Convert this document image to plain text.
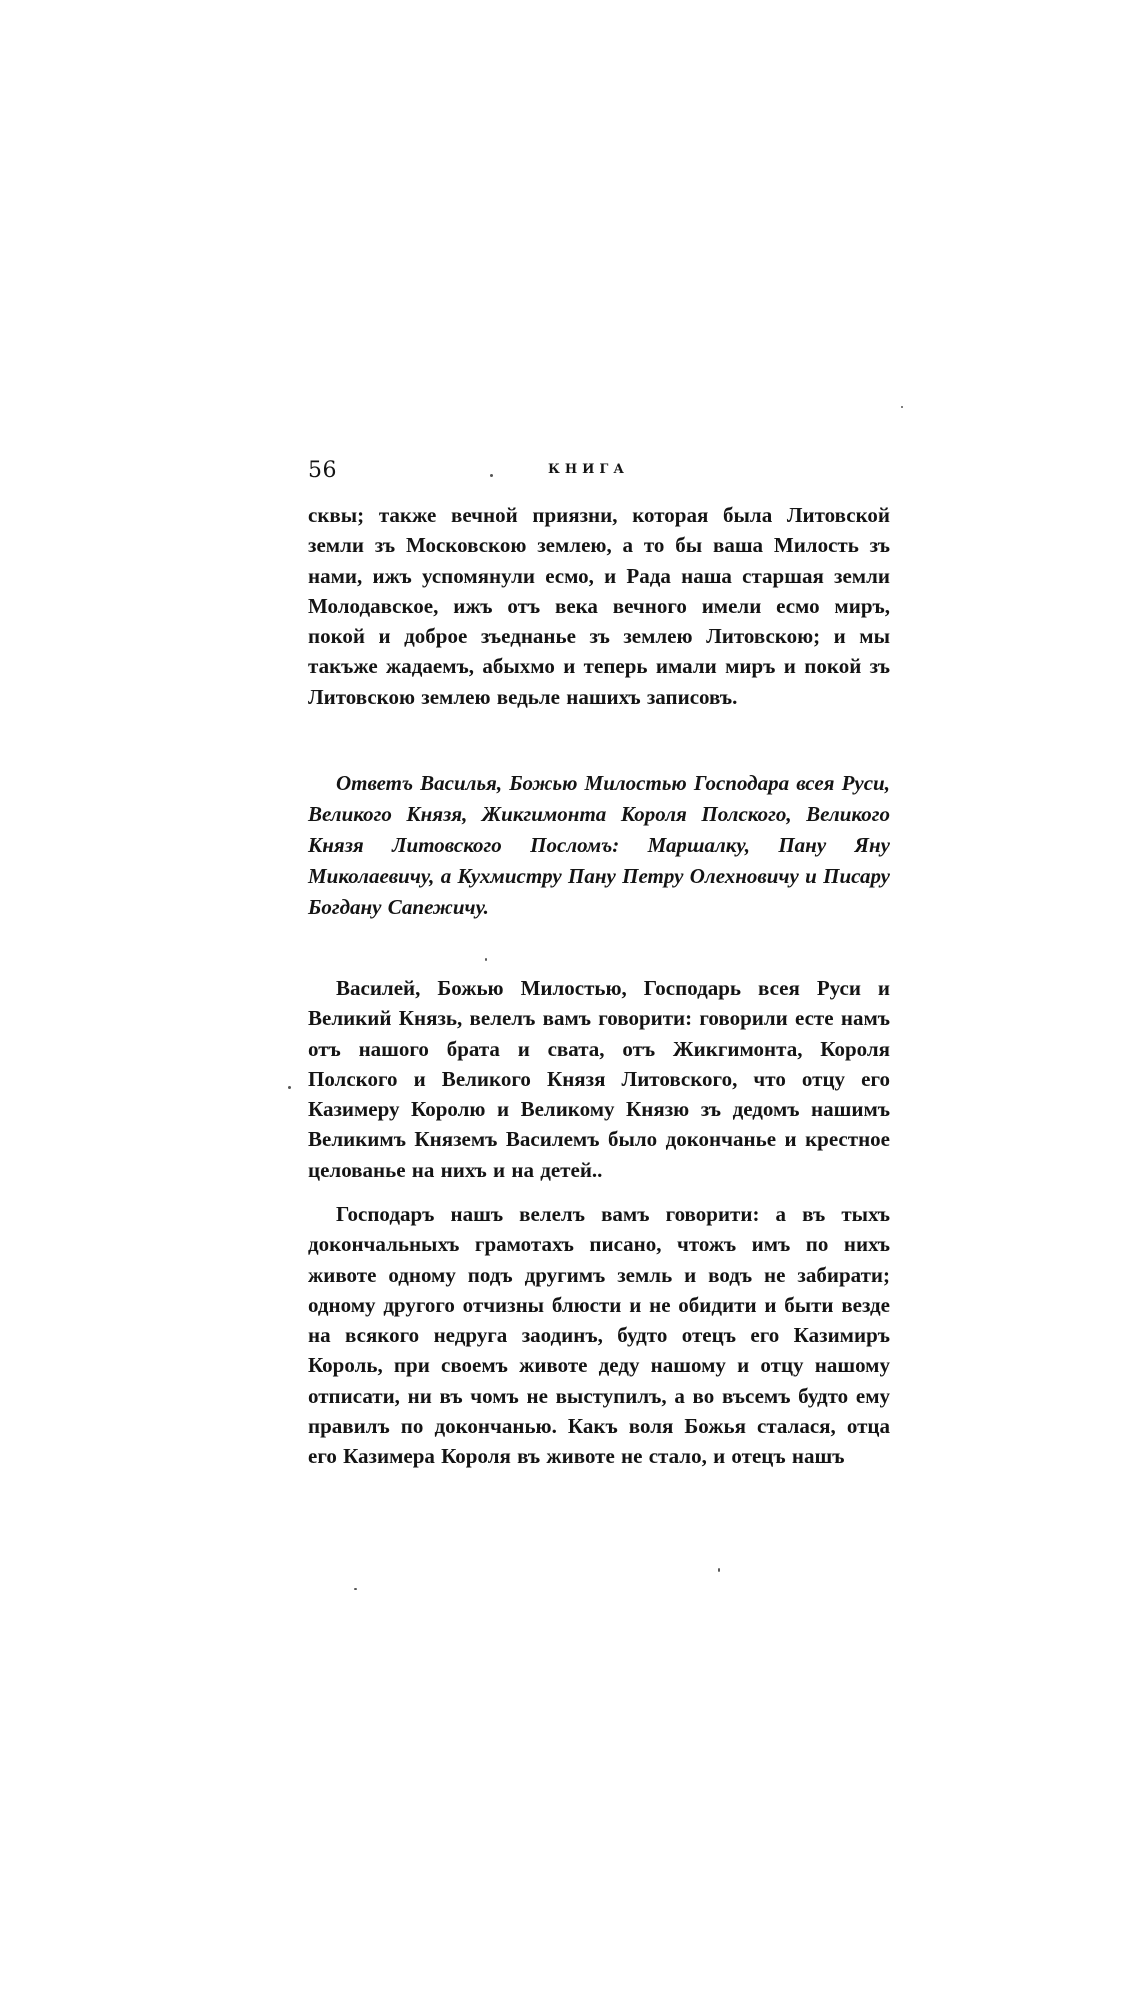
56	КНИГА

сквы; также вечной приязни, которая была Литовской земли зъ Московскою землею, а то бы ваша Милость зъ нами, ижъ успомянули есмо, и Рада наша старшая земли Молодавское, ижъ отъ века вечного имели есмо миръ, покой и доброе зъеднанье зъ землею Литовскою; и мы такъже жадаемъ, абыхмо и теперь имали миръ и покой зъ Литовскою землею ведьле нашихъ записовъ.

Ответъ Василья, Божью Милостью Господара всея Руси, Великого Князя, Жикгимонта Короля Полского, Великого Князя Литовского Посломъ: Маршалку, Пану Яну Миколаевичу, а Кухмистру Пану Петру Олехновичу и Писару Богдану Сапежичу.

Василей, Божью Милостью, Господарь всея Руси и Великий Князь, велелъ вамъ говорити: говорили есте намъ отъ нашого брата и свата, отъ Жикгимонта, Короля Полского и Великого Князя Литовского, что отцу его Казимеру Королю и Великому Князю зъ дедомъ нашимъ Великимъ Княземъ Василемъ было докончанье и крестное целованье на нихъ и на детей..

Господаръ нашъ велелъ вамъ говорити: а въ тыхъ докончальныхъ грамотахъ писано, чтожъ имъ по нихъ животе одному подъ другимъ земль и водъ не забирати; одному другого отчизны блюсти и не обидити и быти везде на всякого недруга заодинъ, будто отецъ его Казимиръ Король, при своемъ животе деду нашому и отцу нашому отписати, ни въ чомъ не выступилъ, а во въсемъ будто ему правилъ по докончанью. Какъ воля Божья сталася, отца его Казимера Короля въ животе не стало, и отецъ нашъ
